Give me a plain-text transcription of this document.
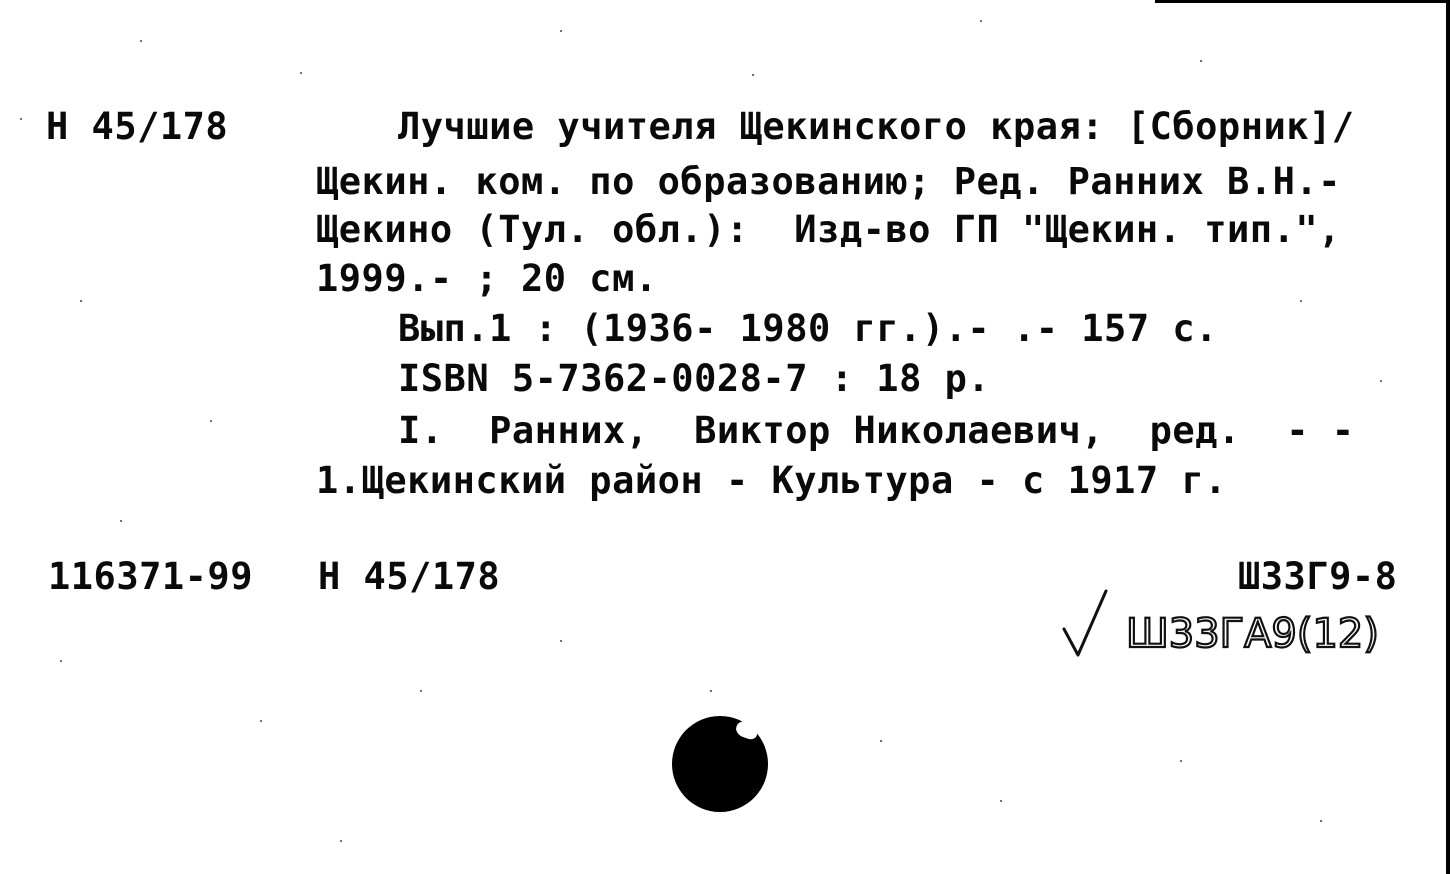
Н 45/178	Лучшие учителя Щекинского края: [Сборник]/
Щекин. ком. по образованию; Ред. Ранних В.Н.-
Щекино (Тул. обл.):  Изд-во ГП "Щекин. тип.",
1999.- ; 20 см.
Вып.1 : (1936- 1980 гг.).- .- 157 с.
ISBN 5-7362-0028-7 : 18 р.
I.  Ранних,  Виктор Николаевич,  ред.  - -
1.Щекинский район - Культура - с 1917 г.
116371-99 Н 45/178	Ш33Г9-8
Ш33ГА9(12)
